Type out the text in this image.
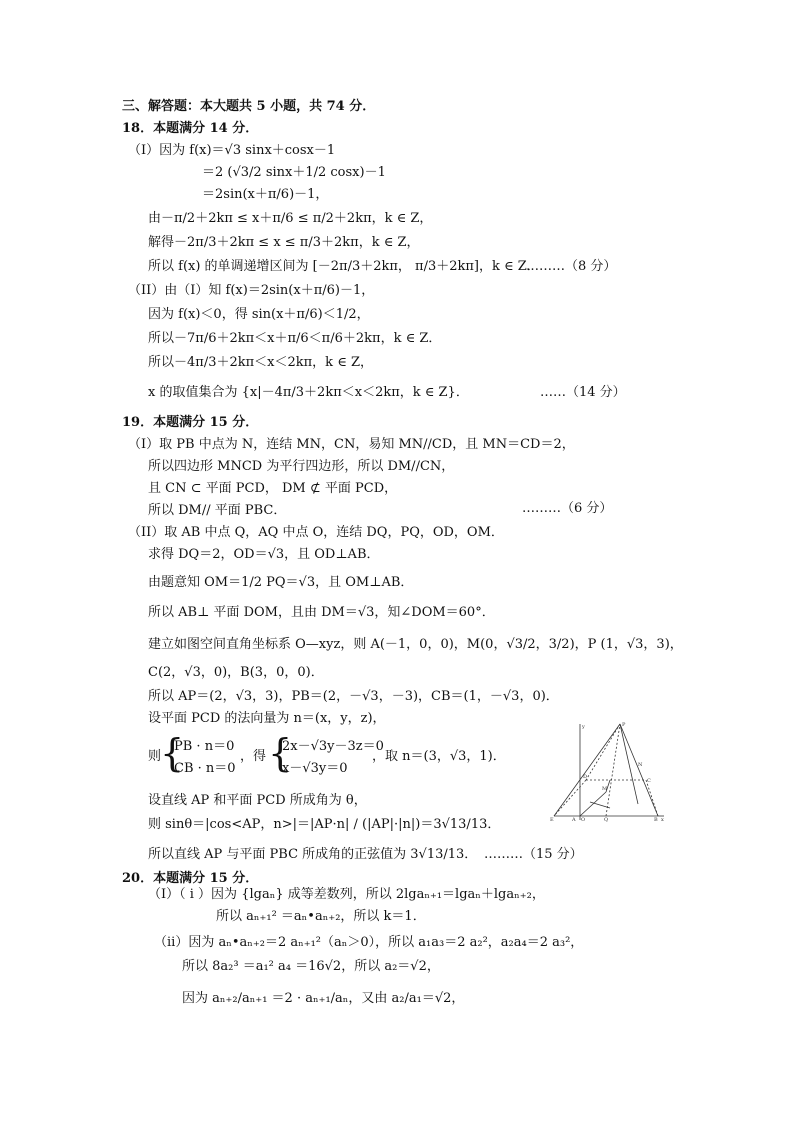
三、解答题：本大题共 5 小题，共 74 分．
18．本题满分 14 分．
（I）因为 f(x)＝√3 sinx＋cosx－1
＝2 (√3/2 sinx＋1/2 cosx)－1
＝2sin(x＋π/6)－1，
由－π/2＋2kπ ≤ x＋π/6 ≤ π/2＋2kπ，k ∈ Z，
解得－2π/3＋2kπ ≤ x ≤ π/3＋2kπ，k ∈ Z，
所以 f(x) 的单调递增区间为 [－2π/3＋2kπ， π/3＋2kπ]，k ∈ Z．
………（8 分）
（II）由（I）知 f(x)＝2sin(x＋π/6)－1，
因为 f(x)＜0，得 sin(x＋π/6)＜1/2，
所以－7π/6＋2kπ＜x＋π/6＜π/6＋2kπ，k ∈ Z．
所以－4π/3＋2kπ＜x＜2kπ，k ∈ Z，
x 的取值集合为 {x|－4π/3＋2kπ＜x＜2kπ，k ∈ Z}．	……（14 分）
19．本题满分 15 分．
（I）取 PB 中点为 N，连结 MN，CN，易知 MN//CD，且 MN＝CD＝2，
所以四边形 MNCD 为平行四边形，所以 DM//CN，
且 CN ⊂ 平面 PCD， DM ⊄ 平面 PCD，
所以 DM// 平面 PBC．	………（6 分）
（II）取 AB 中点 Q，AQ 中点 O，连结 DQ，PQ，OD，OM．
求得 DQ＝2，OD＝√3，且 OD⊥AB．
由题意知 OM＝1/2 PQ＝√3，且 OM⊥AB．
所以 AB⊥ 平面 DOM，且由 DM＝√3，知∠DOM＝60°．
建立如图空间直角坐标系 O—xyz，则 A(－1，0，0)，M(0，√3/2，3/2)，P (1，√3，3)，
C(2，√3，0)，B(3，0，0)．
所以 AP＝(2，√3，3)，PB＝(2，－√3，－3)，CB＝(1，－√3，0)．
设平面 PCD 的法向量为 n＝(x，y，z)，
则
{
PB · n＝0
CB · n＝0
，得 {
2x－√3y－3z＝0
x－√3y＝0
，取 n＝(3，√3，1)．
设直线 AP 和平面 PCD 所成角为 θ，
则 sinθ＝|cos<AP，n>|＝|AP·n| / (|AP|·|n|)＝3√13/13．
所以直线 AP 与平面 PBC 所成角的正弦值为 3√13/13． ………（15 分）
y	P
A O	Q	B
C
D
M
N
E	x
20．本题满分 15 分．
（I）（ i ）因为 {lgaₙ} 成等差数列，所以 2lgaₙ₊₁＝lgaₙ＋lgaₙ₊₂，
所以 aₙ₊₁² ＝aₙ•aₙ₊₂，所以 k＝1．
（ii）因为 aₙ•aₙ₊₂＝2 aₙ₊₁²（aₙ＞0），所以 a₁a₃＝2 a₂²，a₂a₄＝2 a₃²，
所以 8a₂³ ＝a₁² a₄ ＝16√2，所以 a₂＝√2，
因为 aₙ₊₂/aₙ₊₁ ＝2 · aₙ₊₁/aₙ，又由 a₂/a₁＝√2，
